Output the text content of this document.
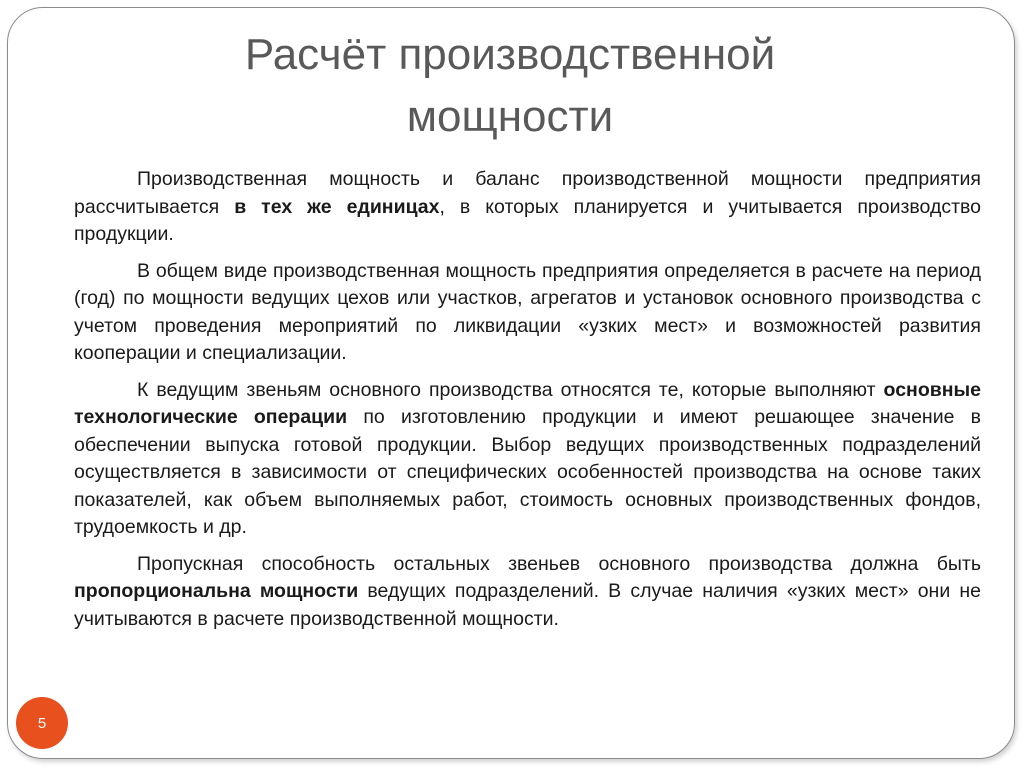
Расчёт производственной
мощности

Производственная мощность и баланс производственной мощности предприятия рассчитывается в тех же единицах, в которых планируется и учитывается производство продукции.

В общем виде производственная мощность предприятия определяется в расчете на период (год) по мощности ведущих цехов или участков, агрегатов и установок основного производства с учетом проведения мероприятий по ликвидации «узких мест» и возможностей развития кооперации и специализации.

К ведущим звеньям основного производства относятся те, которые выполняют основные технологические операции по изготовлению продукции и имеют решающее значение в обеспечении выпуска готовой продукции. Выбор ведущих производственных подразделений осуществляется в зависимости от специфических особенностей производства на основе таких показателей, как объем выполняемых работ, стоимость основных производственных фондов, трудоемкость и др.

Пропускная способность остальных звеньев основного производства должна быть пропорциональна мощности ведущих подразделений. В случае наличия «узких мест» они не учитываются в расчете производственной мощности.

5
